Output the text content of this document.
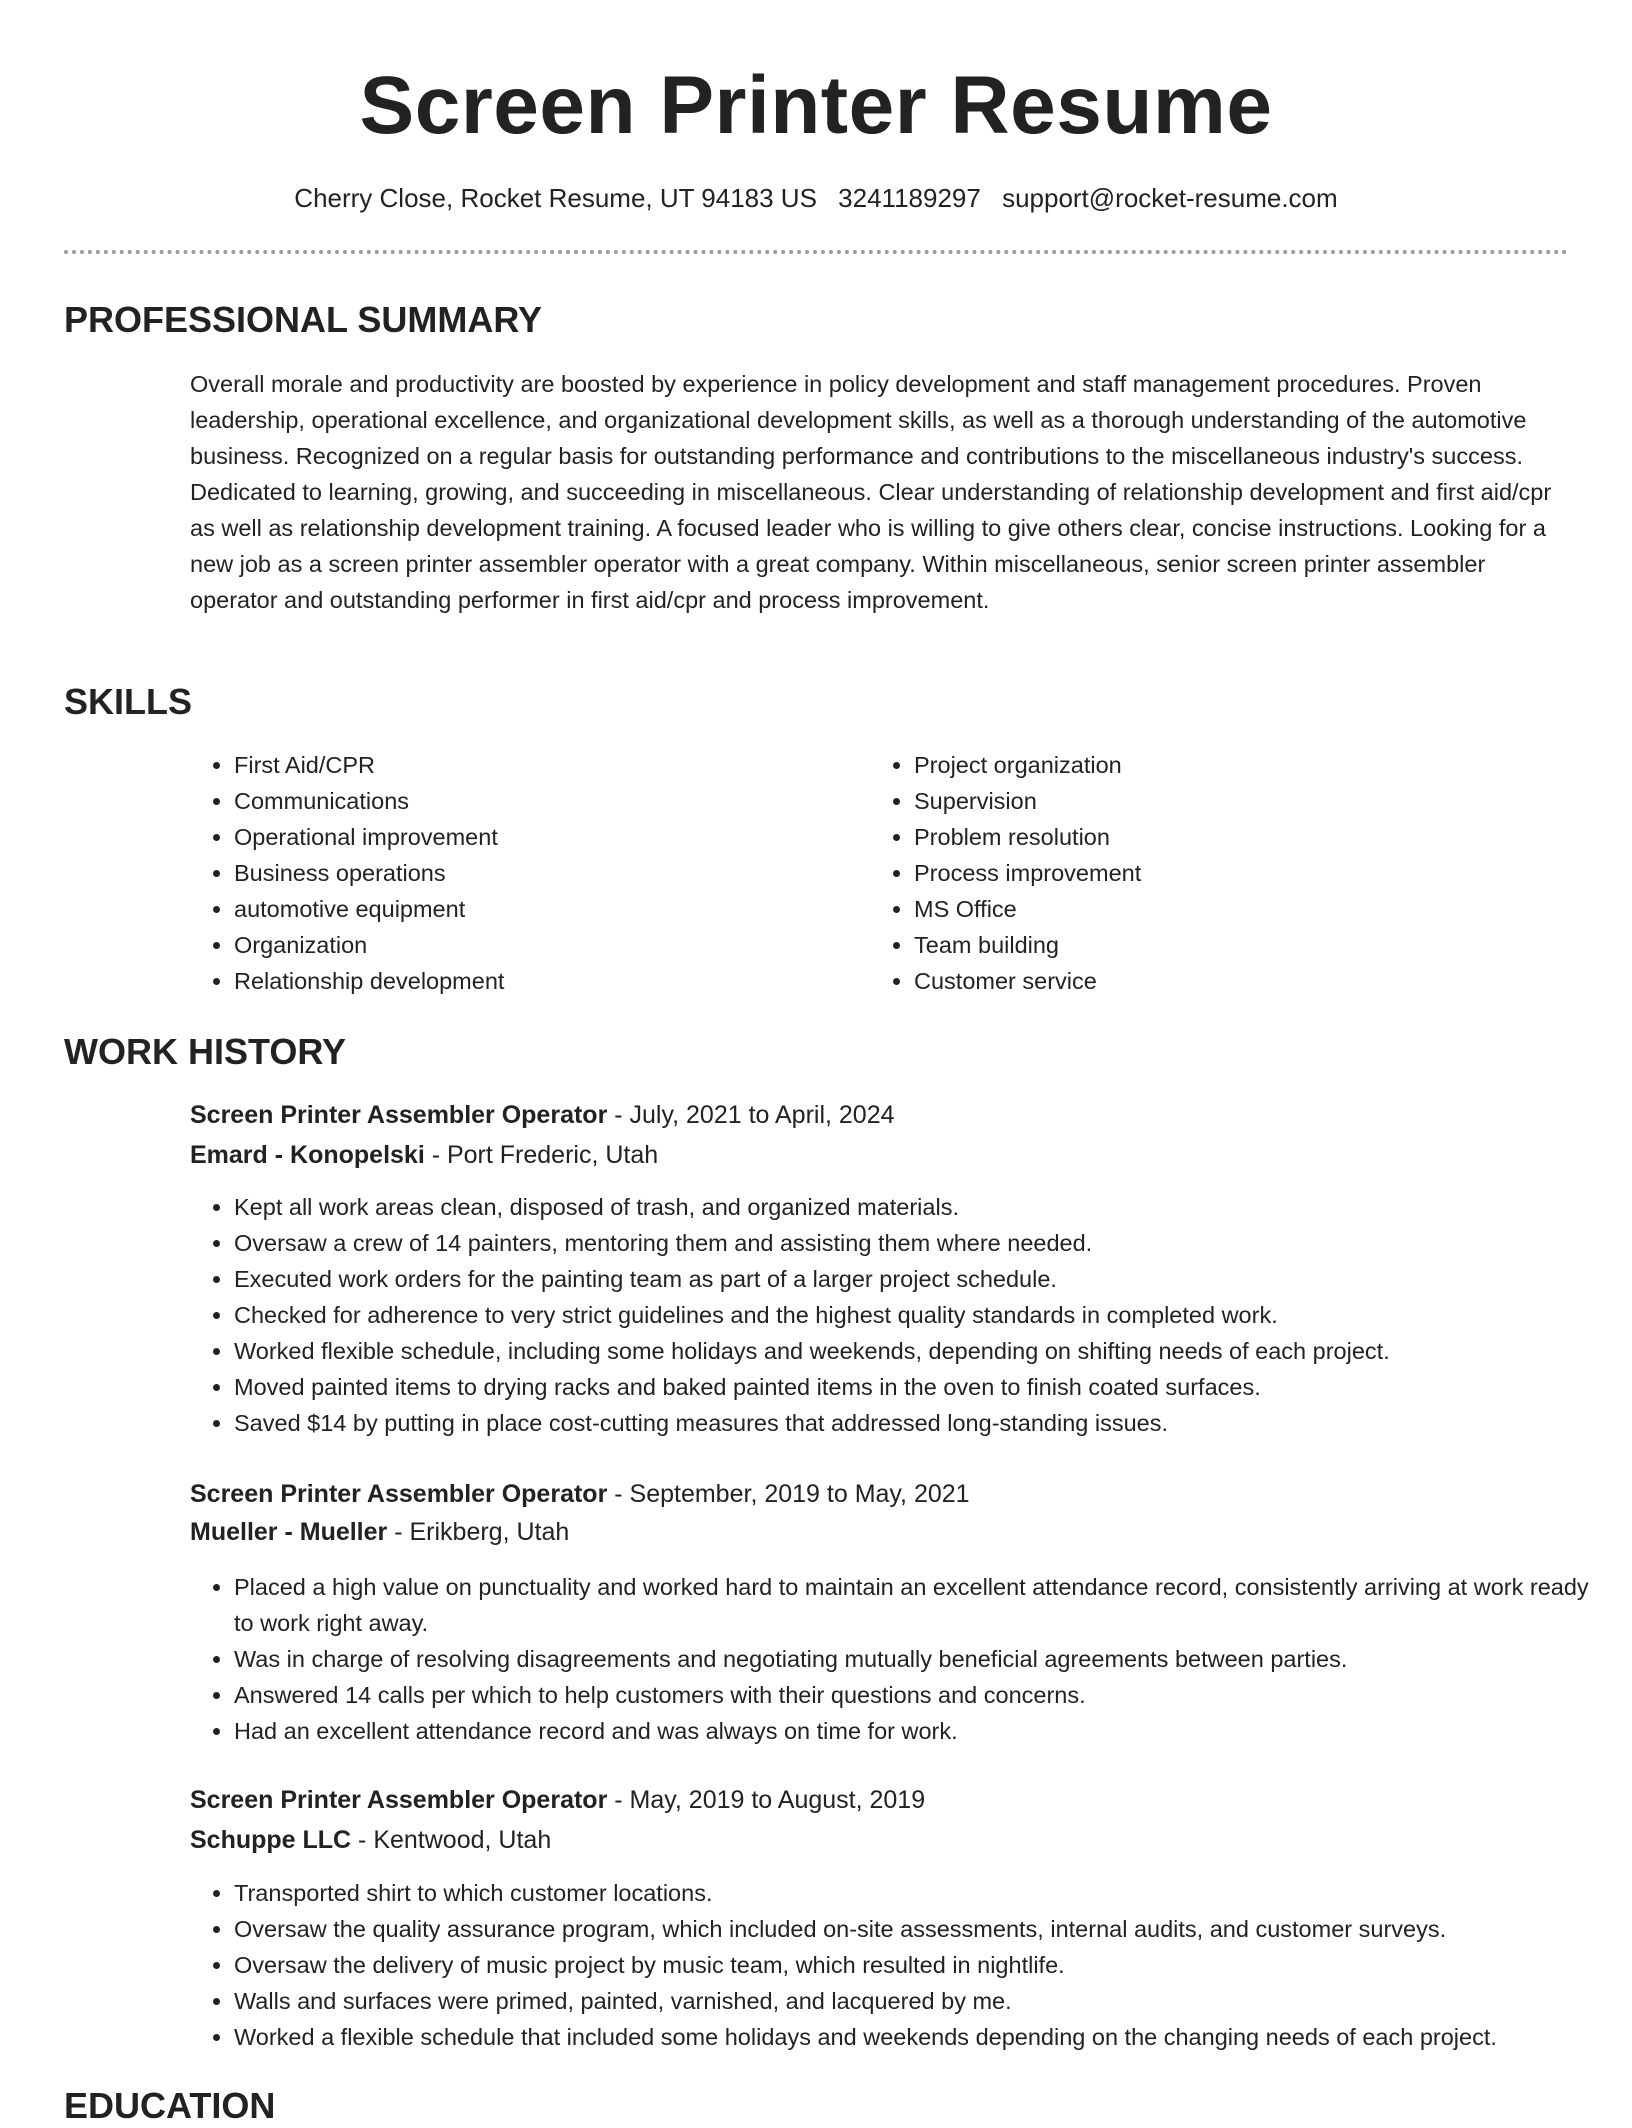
Screen Printer Resume
Cherry Close, Rocket Resume, UT 94183 US 3241189297 support@rocket-resume.com
PROFESSIONAL SUMMARY

Overall morale and productivity are boosted by experience in policy development and staff management procedures. Proven leadership, operational excellence, and organizational development skills, as well as a thorough understanding of the automotive business. Recognized on a regular basis for outstanding performance and contributions to the miscellaneous industry's success. Dedicated to learning, growing, and succeeding in miscellaneous. Clear understanding of relationship development and first aid/cpr as well as relationship development training. A focused leader who is willing to give others clear, concise instructions. Looking for a new job as a screen printer assembler operator with a great company. Within miscellaneous, senior screen printer assembler operator and outstanding performer in first aid/cpr and process improvement.

SKILLS
• First Aid/CPR
• Communications
• Operational improvement
• Business operations
• automotive equipment
• Organization
• Relationship development
• Project organization
• Supervision
• Problem resolution
• Process improvement
• MS Office
• Team building
• Customer service
WORK HISTORY
Screen Printer Assembler Operator - July, 2021 to April, 2024
Emard - Konopelski - Port Frederic, Utah
• Kept all work areas clean, disposed of trash, and organized materials.
• Oversaw a crew of 14 painters, mentoring them and assisting them where needed.
• Executed work orders for the painting team as part of a larger project schedule.
• Checked for adherence to very strict guidelines and the highest quality standards in completed work.
• Worked flexible schedule, including some holidays and weekends, depending on shifting needs of each project.
• Moved painted items to drying racks and baked painted items in the oven to finish coated surfaces.
• Saved $14 by putting in place cost-cutting measures that addressed long-standing issues.
Screen Printer Assembler Operator - September, 2019 to May, 2021
Mueller - Mueller - Erikberg, Utah
• Placed a high value on punctuality and worked hard to maintain an excellent attendance record, consistently arriving at work ready to work right away.
• Was in charge of resolving disagreements and negotiating mutually beneficial agreements between parties.
• Answered 14 calls per which to help customers with their questions and concerns.
• Had an excellent attendance record and was always on time for work.
Screen Printer Assembler Operator - May, 2019 to August, 2019
Schuppe LLC - Kentwood, Utah
• Transported shirt to which customer locations.
• Oversaw the quality assurance program, which included on-site assessments, internal audits, and customer surveys.
• Oversaw the delivery of music project by music team, which resulted in nightlife.
• Walls and surfaces were primed, painted, varnished, and lacquered by me.
• Worked a flexible schedule that included some holidays and weekends depending on the changing needs of each project.
EDUCATION
